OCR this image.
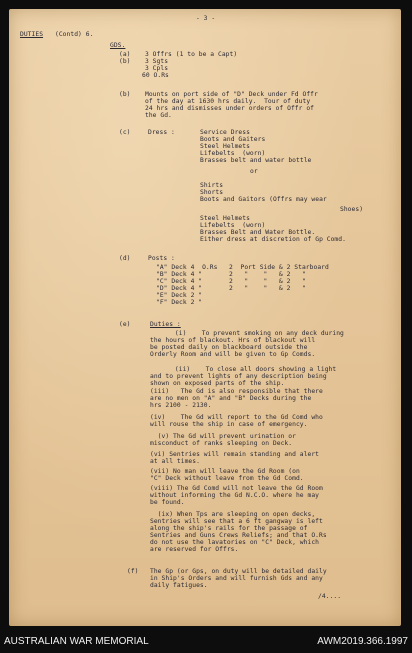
- 3 -
DUTIES (Contd) 6.
GDS.
(a) 3 Offrs (1 to be a Capt)
(b) 3 Sgts
3 Cpls
60 O.Rs
(b) Mounts on port side of "D" Deck under Fd Offr
of the day at 1630 hrs daily.  Tour of duty
24 hrs and dismisses under orders of Offr of
the Gd.
(c)	Dress :	Service Dress
Boots and Gaiters
Steel Helmets
Lifebelts  (worn)
Brasses belt and water bottle
or
Shirts
Shorts
Boots and Gaitors (Offrs may wear
Shoes)
Steel Helmets
Lifebelts  (worn)
Brasses Belt and Water Bottle.
Either dress at discretion of Gp Comd.
(d)	Posts :
"A" Deck 4  O.Rs   2  Port Side & 2 Starboard
"B" Deck 4 "       2   "    "   & 2   "
"C" Deck 4 "       2   "    "   & 2   "
"D" Deck 4 "       2   "    "   & 2   "
"E" Deck 2 "
"F" Deck 2 "
(e)	Duties :
(i)    To prevent smoking on any deck during
the hours of blackout. Hrs of blackout will
be posted daily on blackboard outside the
Orderly Room and will be given to Gp Comds.
(ii)    To close all doors showing a light
and to prevent lights of any description being
shown on exposed parts of the ship.
(iii)   The Gd is also responsible that there
are no men on "A" and "B" Decks during the
hrs 2100 - 2130.
(iv)    The Gd will report to the Gd Comd who
will rouse the ship in case of emergency.
(v) The Gd will prevent urination or
misconduct of ranks sleeping on Deck.
(vi) Sentries will remain standing and alert
at all times.
(vii) No man will leave the Gd Room (on
"C" Deck without leave from the Gd Comd.
(viii) The Gd Comd will not leave the Gd Room
without informing the Gd N.C.O. where he may
be found.
(ix) When Tps are sleeping on open decks,
Sentries will see that a 6 ft gangway is left
along the ship's rails for the passage of
Sentries and Guns Crews Reliefs; and that O.Rs
do not use the lavatories on "C" Deck, which
are reserved for Offrs.
(f) The Gp (or Gps, on duty will be detailed daily
in Ship's Orders and will furnish Gds and any
daily fatigues.
/4....
AUSTRALIAN WAR MEMORIAL	AWM2019.366.1997
